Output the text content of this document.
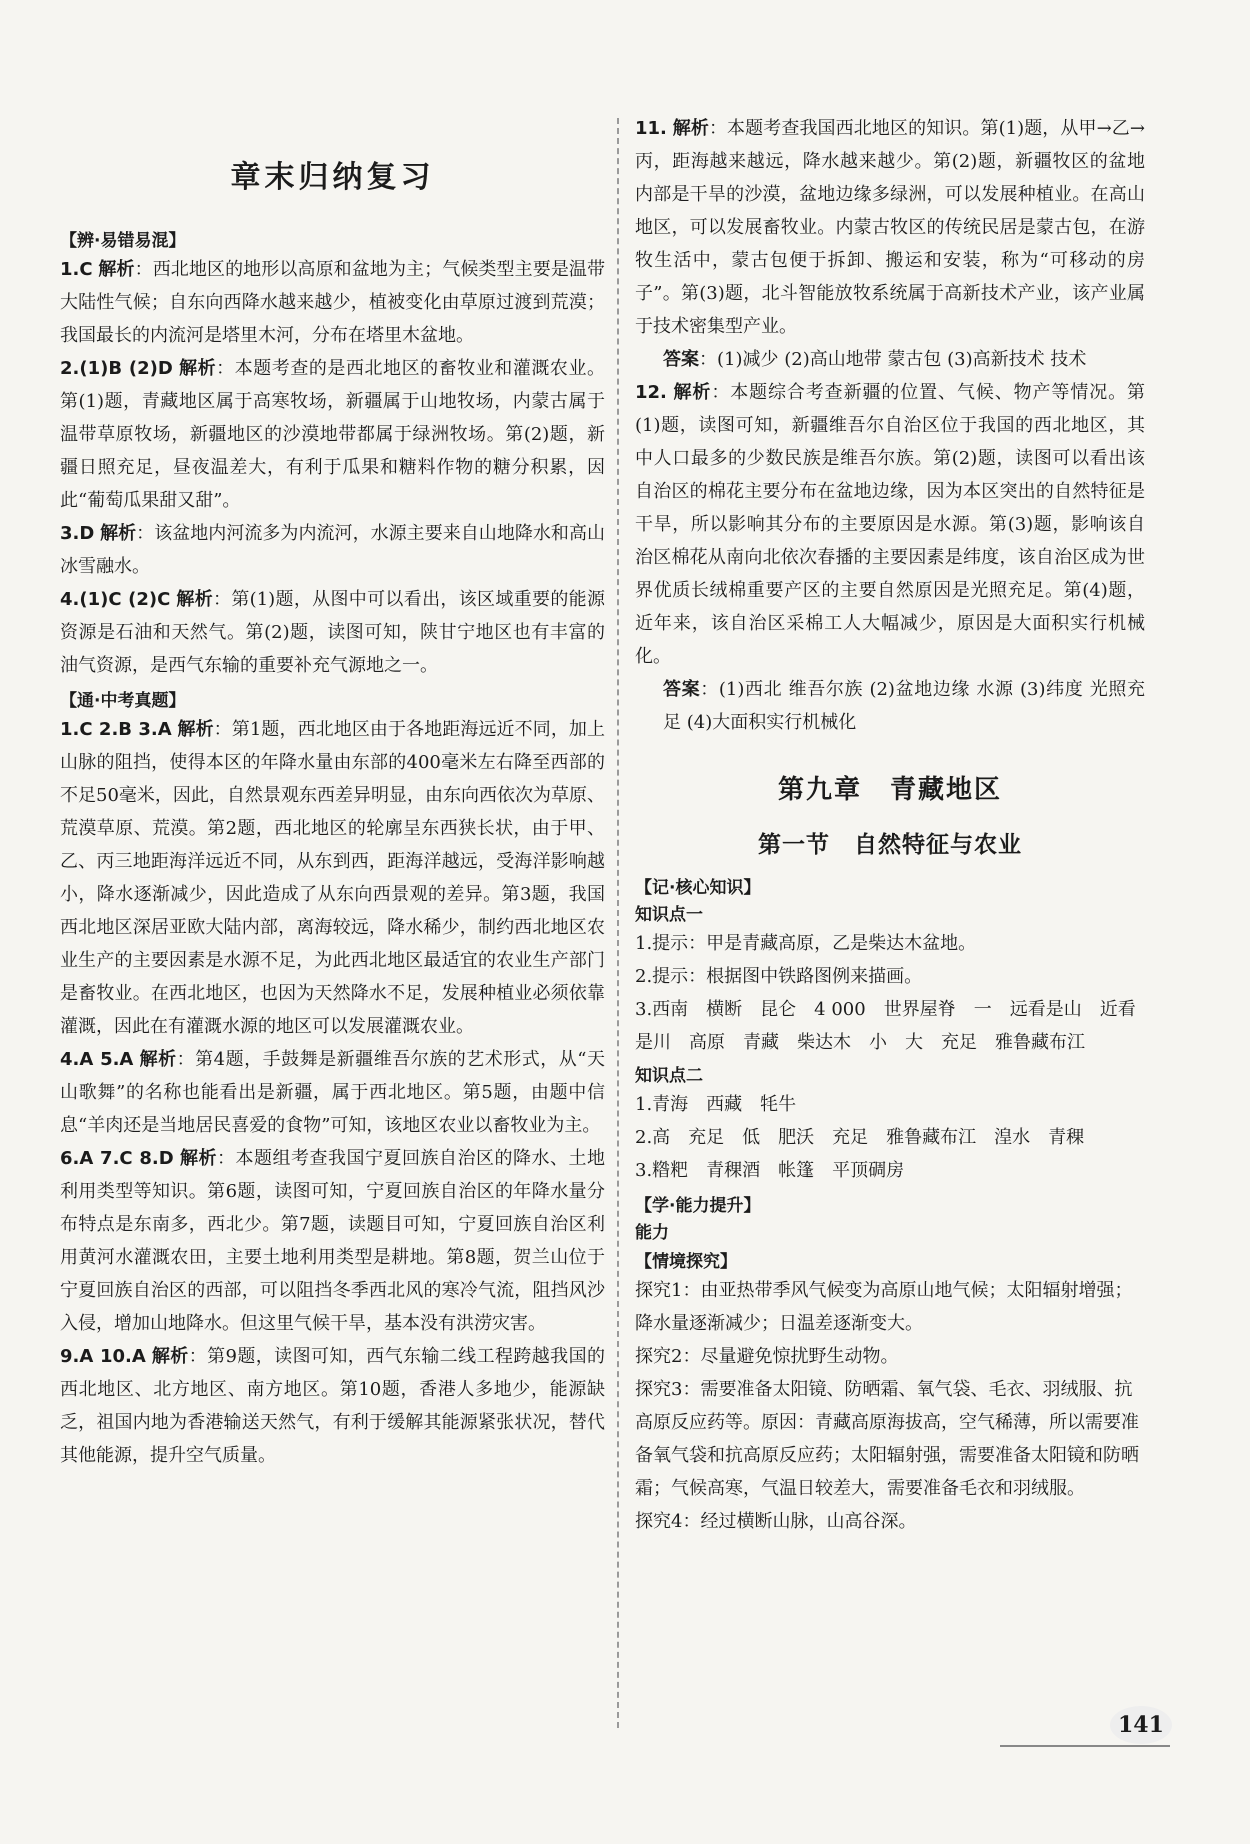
章末归纳复习
【辨·易错易混】
1.C 解析：西北地区的地形以高原和盆地为主；气候类型主要是温带大陆性气候；自东向西降水越来越少，植被变化由草原过渡到荒漠；我国最长的内流河是塔里木河，分布在塔里木盆地。
2.(1)B (2)D 解析：本题考查的是西北地区的畜牧业和灌溉农业。第(1)题，青藏地区属于高寒牧场，新疆属于山地牧场，内蒙古属于温带草原牧场，新疆地区的沙漠地带都属于绿洲牧场。第(2)题，新疆日照充足，昼夜温差大，有利于瓜果和糖料作物的糖分积累，因此“葡萄瓜果甜又甜”。
3.D 解析：该盆地内河流多为内流河，水源主要来自山地降水和高山冰雪融水。
4.(1)C (2)C 解析：第(1)题，从图中可以看出，该区域重要的能源资源是石油和天然气。第(2)题，读图可知，陕甘宁地区也有丰富的油气资源，是西气东输的重要补充气源地之一。
【通·中考真题】
1.C 2.B 3.A 解析：第1题，西北地区由于各地距海远近不同，加上山脉的阻挡，使得本区的年降水量由东部的400毫米左右降至西部的不足50毫米，因此，自然景观东西差异明显，由东向西依次为草原、荒漠草原、荒漠。第2题，西北地区的轮廓呈东西狭长状，由于甲、乙、丙三地距海洋远近不同，从东到西，距海洋越远，受海洋影响越小，降水逐渐减少，因此造成了从东向西景观的差异。第3题，我国西北地区深居亚欧大陆内部，离海较远，降水稀少，制约西北地区农业生产的主要因素是水源不足，为此西北地区最适宜的农业生产部门是畜牧业。在西北地区，也因为天然降水不足，发展种植业必须依靠灌溉，因此在有灌溉水源的地区可以发展灌溉农业。
4.A 5.A 解析：第4题，手鼓舞是新疆维吾尔族的艺术形式，从“天山歌舞”的名称也能看出是新疆，属于西北地区。第5题，由题中信息“羊肉还是当地居民喜爱的食物”可知，该地区农业以畜牧业为主。
6.A 7.C 8.D 解析：本题组考查我国宁夏回族自治区的降水、土地利用类型等知识。第6题，读图可知，宁夏回族自治区的年降水量分布特点是东南多，西北少。第7题，读题目可知，宁夏回族自治区利用黄河水灌溉农田，主要土地利用类型是耕地。第8题，贺兰山位于宁夏回族自治区的西部，可以阻挡冬季西北风的寒冷气流，阻挡风沙入侵，增加山地降水。但这里气候干旱，基本没有洪涝灾害。
9.A 10.A 解析：第9题，读图可知，西气东输二线工程跨越我国的西北地区、北方地区、南方地区。第10题，香港人多地少，能源缺乏，祖国内地为香港输送天然气，有利于缓解其能源紧张状况，替代其他能源，提升空气质量。
11. 解析：本题考查我国西北地区的知识。第(1)题，从甲→乙→丙，距海越来越远，降水越来越少。第(2)题，新疆牧区的盆地内部是干旱的沙漠，盆地边缘多绿洲，可以发展种植业。在高山地区，可以发展畜牧业。内蒙古牧区的传统民居是蒙古包，在游牧生活中，蒙古包便于拆卸、搬运和安装，称为“可移动的房子”。第(3)题，北斗智能放牧系统属于高新技术产业，该产业属于技术密集型产业。
答案：(1)减少 (2)高山地带 蒙古包 (3)高新技术 技术
12. 解析：本题综合考查新疆的位置、气候、物产等情况。第(1)题，读图可知，新疆维吾尔自治区位于我国的西北地区，其中人口最多的少数民族是维吾尔族。第(2)题，读图可以看出该自治区的棉花主要分布在盆地边缘，因为本区突出的自然特征是干旱，所以影响其分布的主要原因是水源。第(3)题，影响该自治区棉花从南向北依次春播的主要因素是纬度，该自治区成为世界优质长绒棉重要产区的主要自然原因是光照充足。第(4)题，近年来，该自治区采棉工人大幅减少，原因是大面积实行机械化。
答案：(1)西北 维吾尔族 (2)盆地边缘 水源 (3)纬度 光照充足 (4)大面积实行机械化
第九章　青藏地区
第一节　自然特征与农业
【记·核心知识】
知识点一
1.提示：甲是青藏高原，乙是柴达木盆地。
2.提示：根据图中铁路图例来描画。
3.西南　横断　昆仑　4 000　世界屋脊　一　远看是山　近看是川　高原　青藏　柴达木　小　大　充足　雅鲁藏布江
知识点二
1.青海　西藏　牦牛
2.高　充足　低　肥沃　充足　雅鲁藏布江　湟水　青稞
3.糌粑　青稞酒　帐篷　平顶碉房
【学·能力提升】
能力
【情境探究】
探究1：由亚热带季风气候变为高原山地气候；太阳辐射增强；降水量逐渐减少；日温差逐渐变大。
探究2：尽量避免惊扰野生动物。
探究3：需要准备太阳镜、防晒霜、氧气袋、毛衣、羽绒服、抗高原反应药等。原因：青藏高原海拔高，空气稀薄，所以需要准备氧气袋和抗高原反应药；太阳辐射强，需要准备太阳镜和防晒霜；气候高寒，气温日较差大，需要准备毛衣和羽绒服。
探究4：经过横断山脉，山高谷深。
141
